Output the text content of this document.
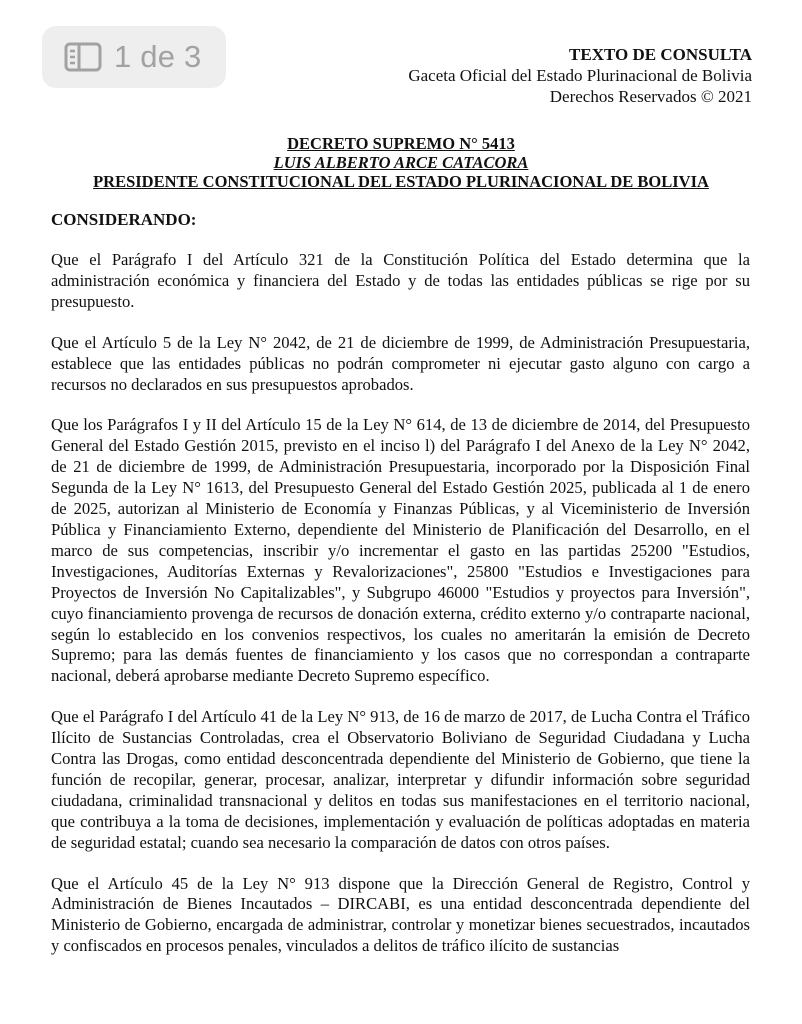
1 de 3	TEXTO DE CONSULTA
Gaceta Oficial del Estado Plurinacional de Bolivia
Derechos Reservados © 2021
DECRETO SUPREMO N° 5413
LUIS ALBERTO ARCE CATACORA
PRESIDENTE CONSTITUCIONAL DEL ESTADO PLURINACIONAL DE BOLIVIA
CONSIDERANDO:

Que el Parágrafo I del Artículo 321 de la Constitución Política del Estado determina que la administración económica y financiera del Estado y de todas las entidades públicas se rige por su presupuesto.

Que el Artículo 5 de la Ley N° 2042, de 21 de diciembre de 1999, de Administración Presupuestaria, establece que las entidades públicas no podrán comprometer ni ejecutar gasto alguno con cargo a recursos no declarados en sus presupuestos aprobados.

Que los Parágrafos I y II del Artículo 15 de la Ley N° 614, de 13 de diciembre de 2014, del Presupuesto General del Estado Gestión 2015, previsto en el inciso l) del Parágrafo I del Anexo de la Ley N° 2042, de 21 de diciembre de 1999, de Administración Presupuestaria, incorporado por la Disposición Final Segunda de la Ley N° 1613, del Presupuesto General del Estado Gestión 2025, publicada al 1 de enero de 2025, autorizan al Ministerio de Economía y Finanzas Públicas, y al Viceministerio de Inversión Pública y Financiamiento Externo, dependiente del Ministerio de Planificación del Desarrollo, en el marco de sus competencias, inscribir y/o incrementar el gasto en las partidas 25200 "Estudios, Investigaciones, Auditorías Externas y Revalorizaciones", 25800 "Estudios e Investigaciones para Proyectos de Inversión No Capitalizables", y Subgrupo 46000 "Estudios y proyectos para Inversión", cuyo financiamiento provenga de recursos de donación externa, crédito externo y/o contraparte nacional, según lo establecido en los convenios respectivos, los cuales no ameritarán la emisión de Decreto Supremo; para las demás fuentes de financiamiento y los casos que no correspondan a contraparte nacional, deberá aprobarse mediante Decreto Supremo específico.

Que el Parágrafo I del Artículo 41 de la Ley N° 913, de 16 de marzo de 2017, de Lucha Contra el Tráfico Ilícito de Sustancias Controladas, crea el Observatorio Boliviano de Seguridad Ciudadana y Lucha Contra las Drogas, como entidad desconcentrada dependiente del Ministerio de Gobierno, que tiene la función de recopilar, generar, procesar, analizar, interpretar y difundir información sobre seguridad ciudadana, criminalidad transnacional y delitos en todas sus manifestaciones en el territorio nacional, que contribuya a la toma de decisiones, implementación y evaluación de políticas adoptadas en materia de seguridad estatal; cuando sea necesario la comparación de datos con otros países.

Que el Artículo 45 de la Ley N° 913 dispone que la Dirección General de Registro, Control y Administración de Bienes Incautados – DIRCABI, es una entidad desconcentrada dependiente del Ministerio de Gobierno, encargada de administrar, controlar y monetizar bienes secuestrados, incautados y confiscados en procesos penales, vinculados a delitos de tráfico ilícito de sustancias
